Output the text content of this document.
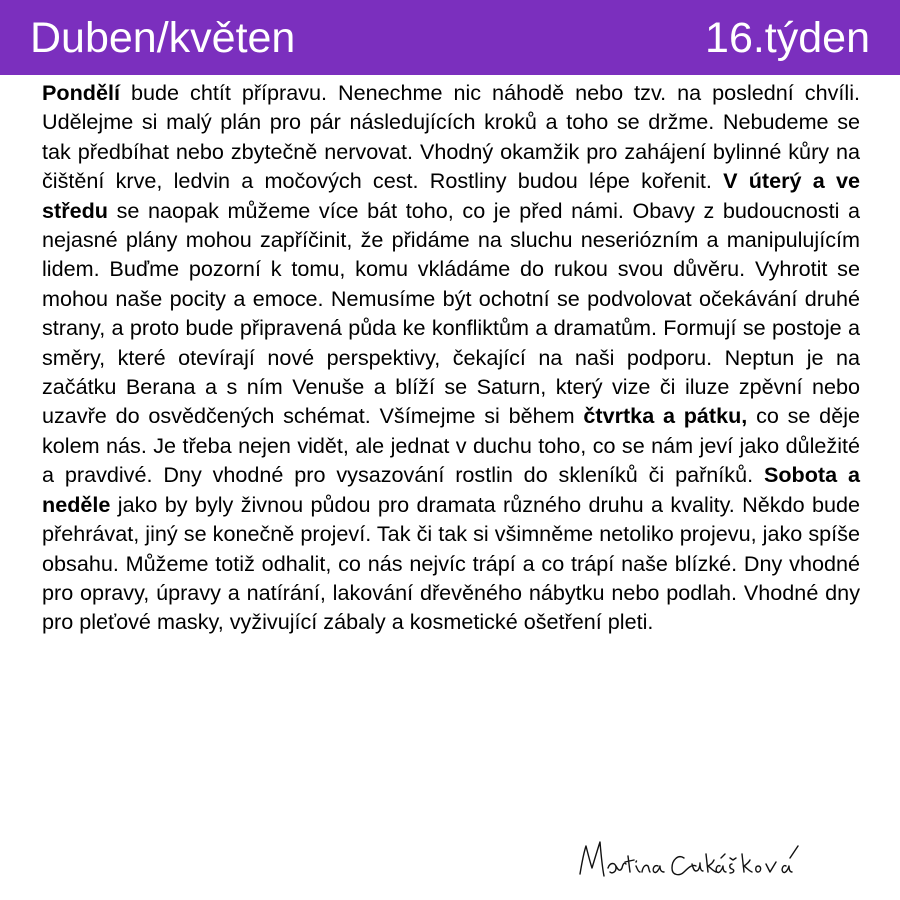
Duben/květen	16.týden

Pondělí bude chtít přípravu. Nenechme nic náhodě nebo tzv. na poslední chvíli. Udělejme si malý plán pro pár následujících kroků a toho se držme. Nebudeme se tak předbíhat nebo zbytečně nervovat. Vhodný okamžik pro zahájení bylinné kůry na čištění krve, ledvin a močových cest. Rostliny budou lépe kořenit. V úterý a ve středu se naopak můžeme více bát toho, co je před námi. Obavy z budoucnosti a nejasné plány mohou zapříčinit, že přidáme na sluchu neseriózním a manipulujícím lidem. Buďme pozorní k tomu, komu vkládáme do rukou svou důvěru. Vyhrotit se mohou naše pocity a emoce. Nemusíme být ochotní se podvolovat očekávání druhé strany, a proto bude připravená půda ke konfliktům a dramatům. Formují se postoje a směry, které otevírají nové perspektivy, čekající na naši podporu. Neptun je na začátku Berana a s ním Venuše a blíží se Saturn, který vize či iluze zpěvní nebo uzavře do osvědčených schémat. Všímejme si během čtvrtka a pátku, co se děje kolem nás. Je třeba nejen vidět, ale jednat v duchu toho, co se nám jeví jako důležité a pravdivé. Dny vhodné pro vysazování rostlin do skleníků či pařníků. Sobota a neděle jako by byly živnou půdou pro dramata různého druhu a kvality. Někdo bude přehrávat, jiný se konečně projeví. Tak či tak si všimněme netoliko projevu, jako spíše obsahu. Můžeme totiž odhalit, co nás nejvíc trápí a co trápí naše blízké. Dny vhodné pro opravy, úpravy a natírání, lakování dřevěného nábytku nebo podlah. Vhodné dny pro pleťové masky, vyživující zábaly a kosmetické ošetření pleti.
